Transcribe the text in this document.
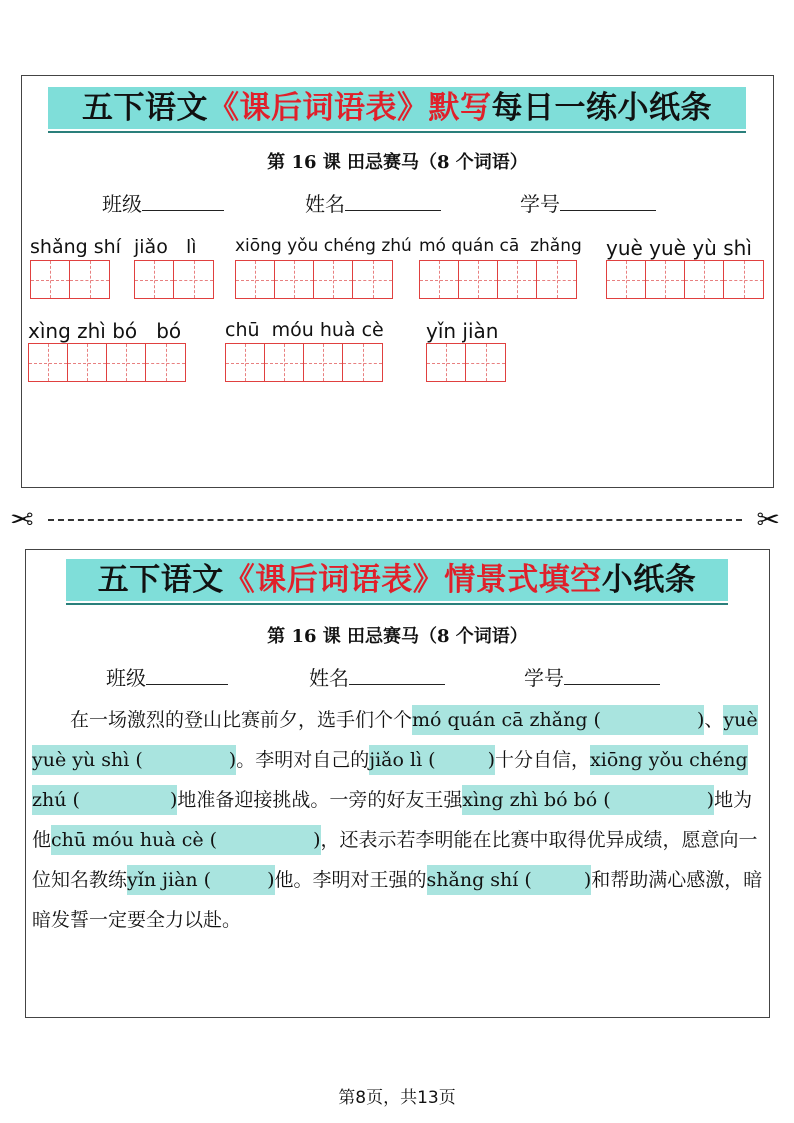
五下语文《课后词语表》默写每日一练小纸条
第 16 课 田忌赛马（8 个词语）
班级	姓名	学号
shǎng shí jiǎo   lì xiōng yǒu chéng zhú mó quán cā  zhǎng yuè yuè yù shì
xìng zhì bó   bó chū  móu huà cè yǐn jiàn
✂	✂
五下语文《课后词语表》情景式填空小纸条
第 16 课 田忌赛马（8 个词语）
班级	姓名	学号

在一场激烈的登山比赛前夕，选手们个个mó quán cā zhǎng (	)、yuè yuè yù shì (	)。李明对自己的jiǎo lì (	)十分自信，xiōng yǒu chéng zhú (	)地准备迎接挑战。一旁的好友王强xìng zhì bó bó (	)地为他chū móu huà cè (	)，还表示若李明能在比赛中取得优异成绩，愿意向一位知名教练yǐn jiàn (	)他。李明对王强的shǎng shí (	)和帮助满心感激，暗暗发誓一定要全力以赴。

第8页，共13页
